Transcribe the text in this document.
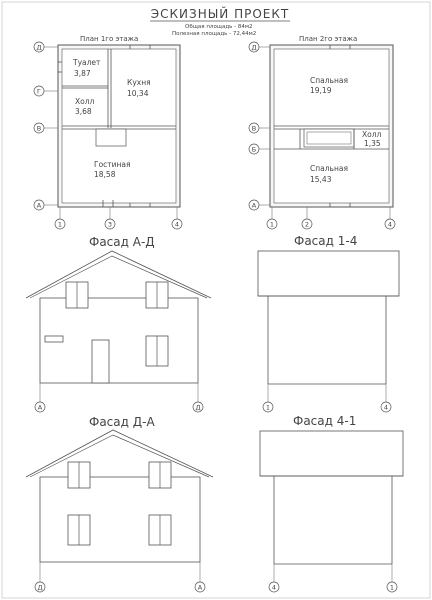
ЭСКИЗНЫЙ ПРОЕКТ
Общая площадь - 84м2
Полезная площадь - 72,44м2
План 1го этажа
Туалет
3,87
Кухня
10,34
Холл
3,68
Гостиная
18,58
Д
Г
В
А
1	3	4
План 2го этажа
Спальная
19,19
Холл
1,35
Спальная
15,43
Д
В
Б
А
1	2	4
Фасад А-Д
А	Д
Фасад 1-4
1	4
Фасад Д-А
Д	А
Фасад 4-1
4	1
